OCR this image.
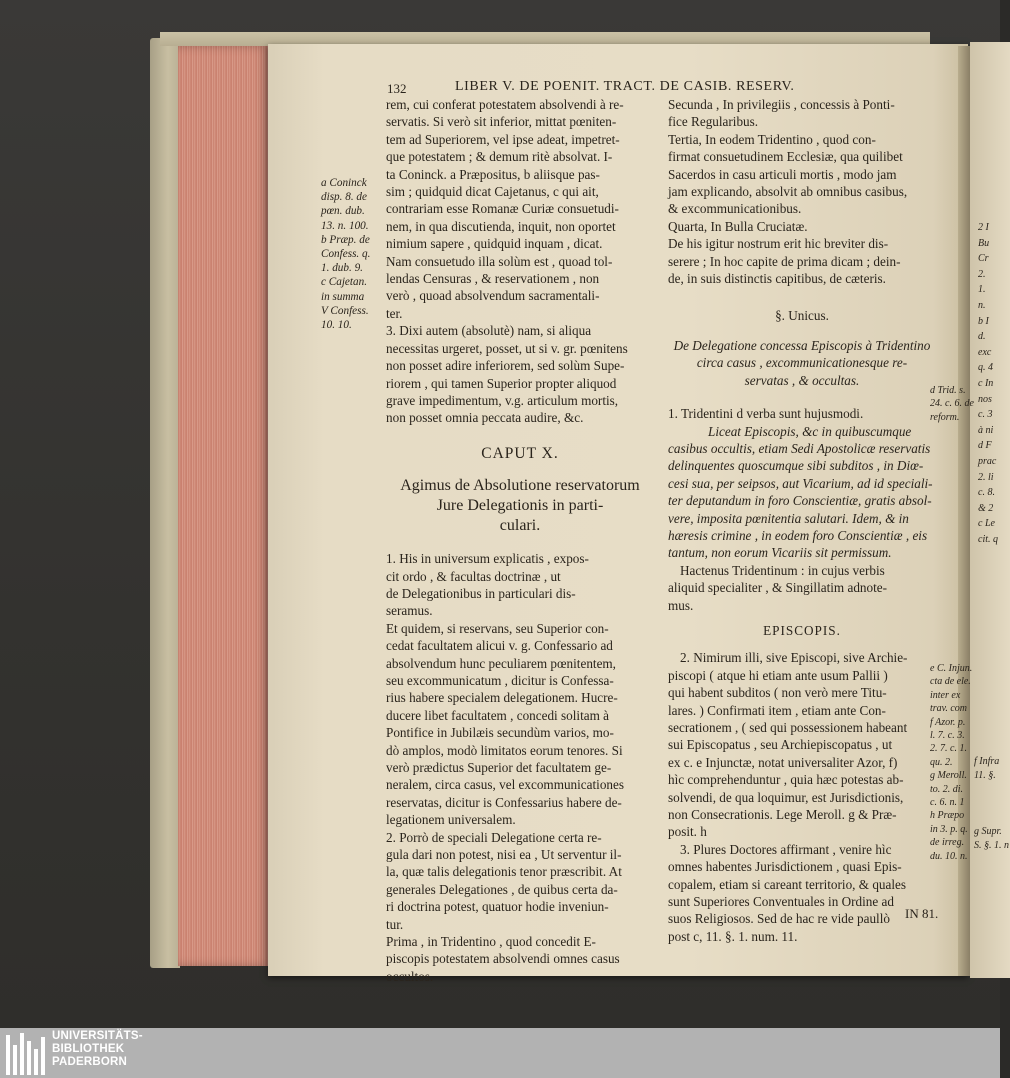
132	LIBER V. DE POENIT. TRACT. DE CASIB. RESERV.
a Coninck
disp. 8. de
pœn. dub.
13. n. 100.
b Præp. de
Confess. q.
1. dub. 9.
c Cajetan.
in summa
V Confess.
10. 10.
rem, cui conferat potestatem absolvendi à re-
servatis. Si verò sit inferior, mittat pœniten-
tem ad Superiorem, vel ipse adeat, impetret-
que potestatem ; & demum ritè absolvat. I-
ta Coninck. a Præpositus, b aliisque pas-
sim ; quidquid dicat Cajetanus, c qui ait,
contrariam esse Romanæ Curiæ consuetudi-
nem, in qua discutienda, inquit, non oportet
nimium sapere , quidquid inquam , dicat.
Nam consuetudo illa solùm est , quoad tol-
lendas Censuras , & reservationem , non
verò , quoad absolvendum sacramentali-
ter.
3. Dixi autem (absolutè) nam, si aliqua
necessitas urgeret, posset, ut si v. gr. pœnitens
non posset adire inferiorem, sed solùm Supe-
riorem , qui tamen Superior propter aliquod
grave impedimentum, v.g. articulum mortis,
non posset omnia peccata audire, &c.
CAPUT X.
Agimus de Absolutione reservatorum
Jure Delegationis in parti-
culari.
1. His in universum explicatis , expos-
cit ordo , & facultas doctrinæ , ut
de Delegationibus in particulari dis-
seramus.
Et quidem, si reservans, seu Superior con-
cedat facultatem alicui v. g. Confessario ad
absolvendum hunc peculiarem pœnitentem,
seu excommunicatum , dicitur is Confessa-
rius habere specialem delegationem. Hucre-
ducere libet facultatem , concedi solitam à
Pontifice in Jubilæis secundùm varios, mo-
dò amplos, modò limitatos eorum tenores. Si
verò prædictus Superior det facultatem ge-
neralem, circa casus, vel excommunicationes
reservatas, dicitur is Confessarius habere de-
legationem universalem.
2. Porrò de speciali Delegatione certa re-
gula dari non potest, nisi ea , Ut serventur il-
la, quæ talis delegationis tenor præscribit. At
generales Delegationes , de quibus certa da-
ri doctrina potest, quatuor hodie inveniun-
tur.
Prima , in Tridentino , quod concedit E-
piscopis potestatem absolvendi omnes casus
occultos.
Secunda , In privilegiis , concessis à Ponti-
fice Regularibus.
Tertia, In eodem Tridentino , quod con-
firmat consuetudinem Ecclesiæ, qua quilibet
Sacerdos in casu articuli mortis , modo jam
jam explicando, absolvit ab omnibus casibus,
& excommunicationibus.
Quarta, In Bulla Cruciatæ.
De his igitur nostrum erit hic breviter dis-
serere ; In hoc capite de prima dicam ; dein-
de, in suis distinctis capitibus, de cæteris.
§. Unicus.
De Delegatione concessa Episcopis à Tridentino
circa casus , excommunicationesque re-
servatas , & occultas.
1. Tridentini d verba sunt hujusmodi.
Liceat Episcopis, &c in quibuscumque
casibus occultis, etiam Sedi Apostolicæ reservatis
delinquentes quoscumque sibi subditos , in Diœ-
cesi sua, per seipsos, aut Vicarium, ad id speciali-
ter deputandum in foro Conscientiæ, gratis absol-
vere, imposita pœnitentia salutari. Idem, & in
hæresis crimine , in eodem foro Conscientiæ , eis
tantum, non eorum Vicariis sit permissum.
Hactenus Tridentinum : in cujus verbis
aliquid specialiter , & Singillatim adnote-
mus.
EPISCOPIS.
2. Nimirum illi, sive Episcopi, sive Archie-
piscopi ( atque hi etiam ante usum Pallii )
qui habent subditos ( non verò mere Titu-
lares. ) Confirmati item , etiam ante Con-
secrationem , ( sed qui possessionem habeant
sui Episcopatus , seu Archiepiscopatus , ut
ex c. e Injunctæ, notat universaliter Azor, f)
hìc comprehenduntur , quia hæc potestas ab-
solvendi, de qua loquimur, est Jurisdictionis,
non Consecrationis. Lege Meroll. g & Præ-
posit. h
3. Plures Doctores affirmant , venire hìc
omnes habentes Jurisdictionem , quasi Epis-
copalem, etiam si careant territorio, & quales
sunt Superiores Conventuales in Ordine ad
suos Religiosos. Sed de hac re vide paullò
post c, 11. §. 1. num. 11.
d Trid. s.
24. c. 6. de
reform.
e C. Injun.
cta de ele.
inter ex
trav. com
f Azor. p.
l. 7. c. 3.
2. 7. c. 1.
qu. 2.
g Meroll.
to. 2. di.
c. 6. n. 1
h Præpo
in 3. p. q.
de irreg.
du. 10. n.
2 I
Bu
Cr
2.
1.
n.
b I
d.
exc
q. 4
c In
nos
c. 3
à ni
d F
prac
2. li
c. 8.
& 2
c Le
cit. q
f Infra
11. §.

g Supr.
S. §. 1. n
IN 81.
UNIVERSITÄTS-
BIBLIOTHEK
PADERBORN
